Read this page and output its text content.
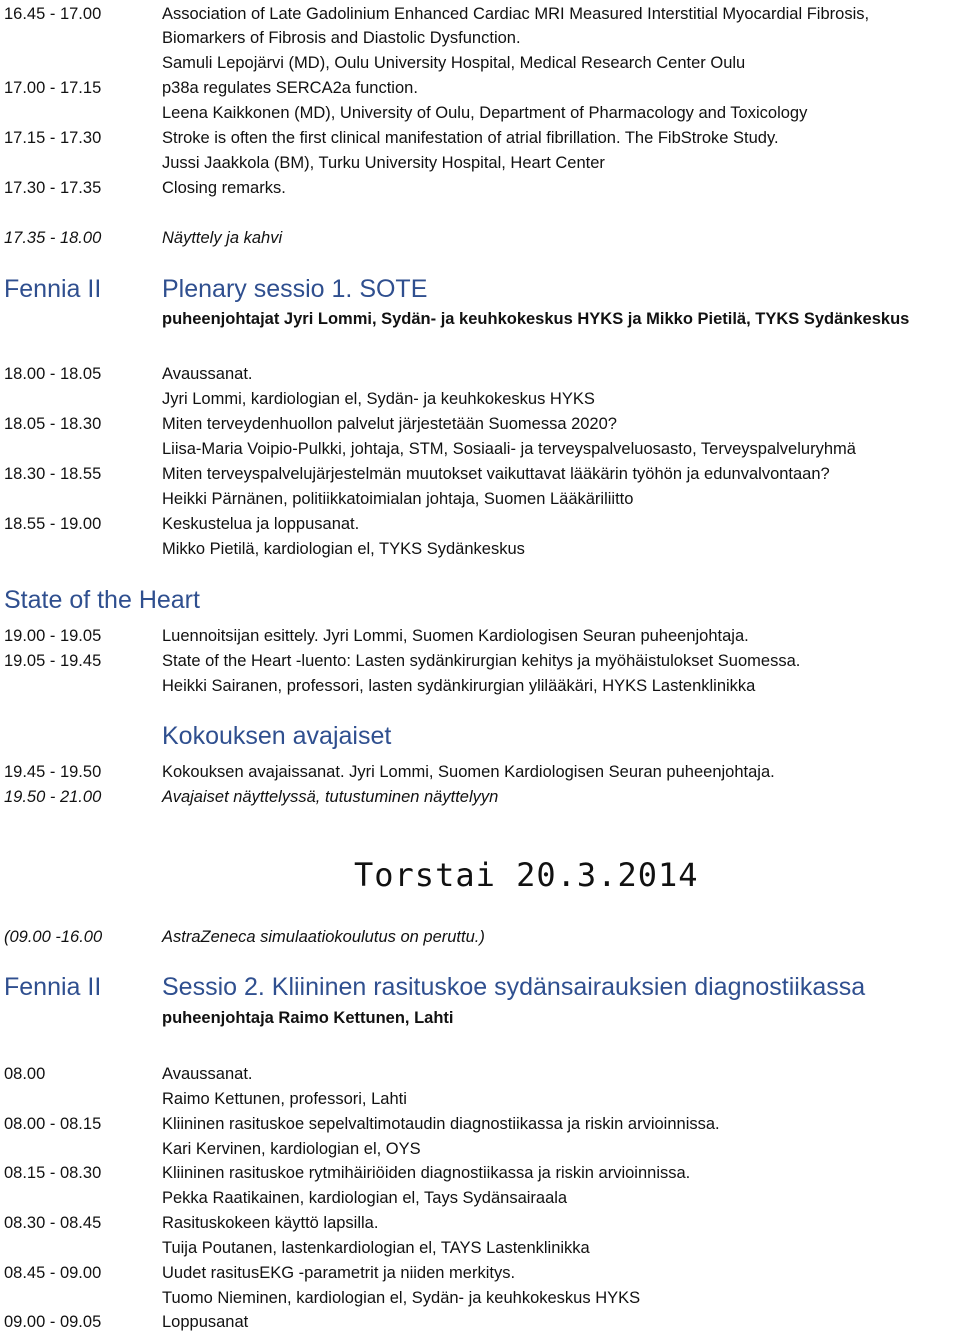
16.45 - 17.00	Association of Late Gadolinium Enhanced Cardiac MRI Measured Interstitial Myocardial Fibrosis,
Biomarkers of Fibrosis and Diastolic Dysfunction.
Samuli Lepojärvi (MD), Oulu University Hospital, Medical Research Center Oulu
17.00 - 17.15	p38a regulates SERCA2a function.
Leena Kaikkonen (MD), University of Oulu, Department of Pharmacology and Toxicology
17.15 - 17.30	Stroke is often the first clinical manifestation of atrial fibrillation. The FibStroke Study.
Jussi Jaakkola (BM), Turku University Hospital, Heart Center
17.30 - 17.35	Closing remarks.
17.35 - 18.00	Näyttely ja kahvi
18.00 - 18.05	Avaussanat.
Jyri Lommi, kardiologian el, Sydän- ja keuhkokeskus HYKS
18.05 - 18.30	Miten terveydenhuollon palvelut järjestetään Suomessa 2020?
Liisa-Maria Voipio-Pulkki, johtaja, STM, Sosiaali- ja terveyspalveluosasto, Terveyspalveluryhmä
18.30 - 18.55	Miten terveyspalvelujärjestelmän muutokset vaikuttavat lääkärin työhön ja edunvalvontaan?
Heikki Pärnänen, politiikkatoimialan johtaja, Suomen Lääkäriliitto
18.55 - 19.00	Keskustelua ja loppusanat.
Mikko Pietilä, kardiologian el, TYKS Sydänkeskus
19.00 - 19.05	Luennoitsijan esittely. Jyri Lommi, Suomen Kardiologisen Seuran puheenjohtaja.
19.05 - 19.45	State of the Heart -luento: Lasten sydänkirurgian kehitys ja myöhäistulokset Suomessa.
Heikki Sairanen, professori, lasten sydänkirurgian ylilääkäri, HYKS Lastenklinikka
19.45 - 19.50	Kokouksen avajaissanat. Jyri Lommi, Suomen Kardiologisen Seuran puheenjohtaja.
19.50 - 21.00	Avajaiset näyttelyssä, tutustuminen näyttelyyn
(09.00 -16.00	AstraZeneca simulaatiokoulutus on peruttu.)
08.00	Avaussanat.
Raimo Kettunen, professori, Lahti
08.00 - 08.15	Kliininen rasituskoe sepelvaltimotaudin diagnostiikassa ja riskin arvioinnissa.
Kari Kervinen, kardiologian el, OYS
08.15 - 08.30	Kliininen rasituskoe rytmihäiriöiden diagnostiikassa ja riskin arvioinnissa.
Pekka Raatikainen, kardiologian el, Tays Sydänsairaala
08.30 - 08.45	Rasituskokeen käyttö lapsilla.
Tuija Poutanen, lastenkardiologian el, TAYS Lastenklinikka
08.45 - 09.00	Uudet rasitusEKG -parametrit ja niiden merkitys.
Tuomo Nieminen, kardiologian el, Sydän- ja keuhkokeskus HYKS
09.00 - 09.05	Loppusanat
Fennia II Plenary sessio 1. SOTE
puheenjohtajat Jyri Lommi, Sydän- ja keuhkokeskus HYKS ja Mikko Pietilä, TYKS Sydänkeskus
State of the Heart
Kokouksen avajaiset
Torstai 20.3.2014
Fennia II Sessio 2. Kliininen rasituskoe sydänsairauksien diagnostiikassa
puheenjohtaja Raimo Kettunen, Lahti
